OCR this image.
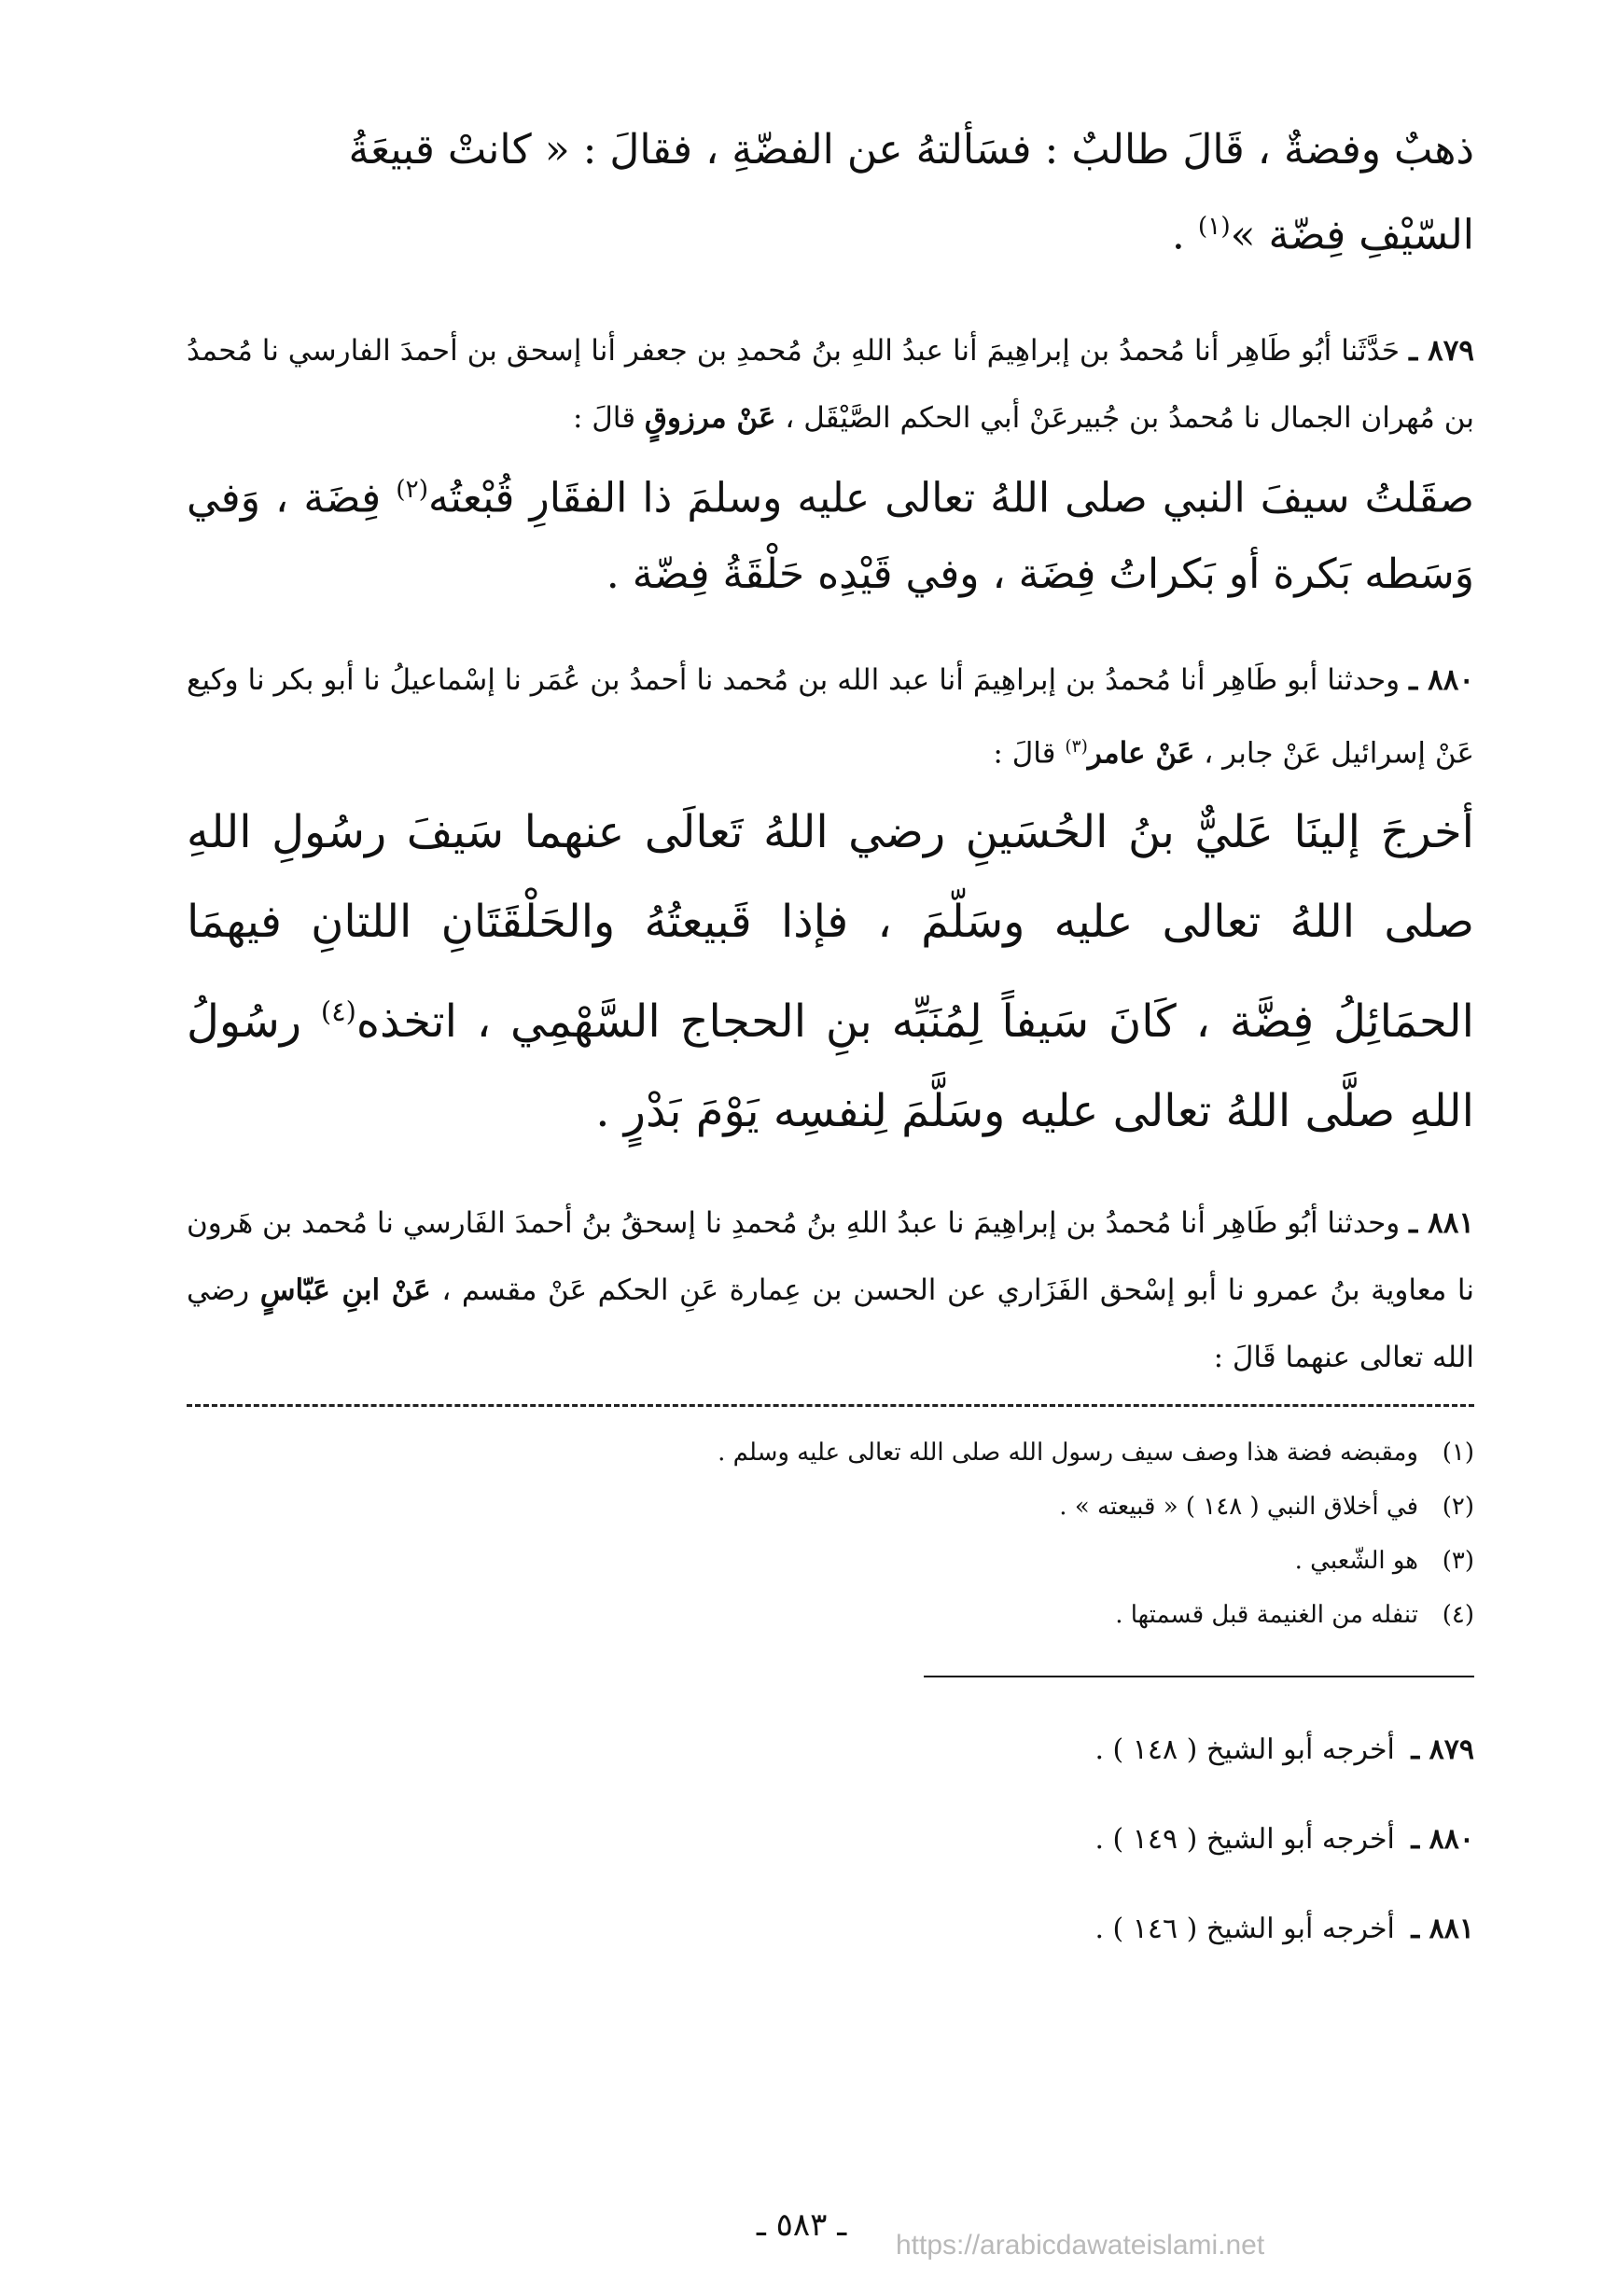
ذهبٌ وفضةٌ ، قَالَ طالبٌ : فسَألتهُ عن الفضّةِ ، فقالَ : « كانتْ قبيعَةُ
السّيْفِ فِضّة »$^{(١)}$ .

٨٧٩ ـ حَدَّثَنا أبُو طَاهِر أنا مُحمدُ بن إبراهِيمَ أنا عبدُ اللهِ بنُ مُحمدِ بن جعفر أنا إسحق بن أحمدَ الفارسي نا مُحمدُ بن مُهران الجمال نا مُحمدُ بن جُبيرعَنْ أبي الحكم الصَّيْقَل ، عَنْ مرزوقٍ قالَ :

صقَلتُ سيفَ النبي صلى اللهُ تعالى عليه وسلمَ ذا الفقَارِ قُبْعتُه$^{(٢)}$ فِضَة ، وَفي وَسَطه بَكرة أو بَكراتُ فِضَة ، وفي قَيْدِه حَلْقَةُ فِضّة .

٨٨٠ ـ وحدثنا أبو طَاهِر أنا مُحمدُ بن إبراهِيمَ أنا عبد الله بن مُحمد نا أحمدُ بن عُمَر نا إسْماعيلُ نا أبو بكر نا وكيع عَنْ إسرائيل عَنْ جابر ، عَنْ عامر$^{(٣)}$ قالَ :

أخرجَ إلينَا عَليٌّ بنُ الحُسَينِ رضي اللهُ تَعالَى عنهما سَيفَ رسُولِ اللهِ صلى اللهُ تعالى عليه وسَلّمَ ، فإذا قَبيعتُهُ والحَلْقَتَانِ اللتانِ فيهمَا الحمَائِلُ فِضَّة ، كَانَ سَيفاً لِمُنَبِّه بنِ الحجاج السَّهْمِي ، اتخذه$^{(٤)}$ رسُولُ اللهِ صلَّى اللهُ تعالى عليه وسَلَّمَ لِنفسِه يَوْمَ بَدْرٍ .

٨٨١ ـ وحدثنا أبُو طَاهِر أنا مُحمدُ بن إبراهِيمَ نا عبدُ اللهِ بنُ مُحمدِ نا إسحقُ بنُ أحمدَ الفَارسي نا مُحمد بن هَرون نا معاوية بنُ عمرو نا أبو إسْحق الفَزَاري عن الحسن بن عِمارة عَنِ الحكم عَنْ مقسم ، عَنْ ابنِ عَبّاسٍ رضي الله تعالى عنهما قَالَ :

(١)
ومقبضه فضة هذا وصف سيف رسول الله صلى الله تعالى عليه وسلم .
(٢)
في أخلاق النبي ( ١٤٨ ) « قبيعته » .
(٣)
هو الشّعبي .
(٤)
تنفله من الغنيمة قبل قسمتها .
٨٧٩ ـ أخرجه أبو الشيخ ( ١٤٨ ) .
٨٨٠ ـ أخرجه أبو الشيخ ( ١٤٩ ) .
٨٨١ ـ أخرجه أبو الشيخ ( ١٤٦ ) .
ـ ٥٨٣ ـ
https://arabicdawateislami.net
